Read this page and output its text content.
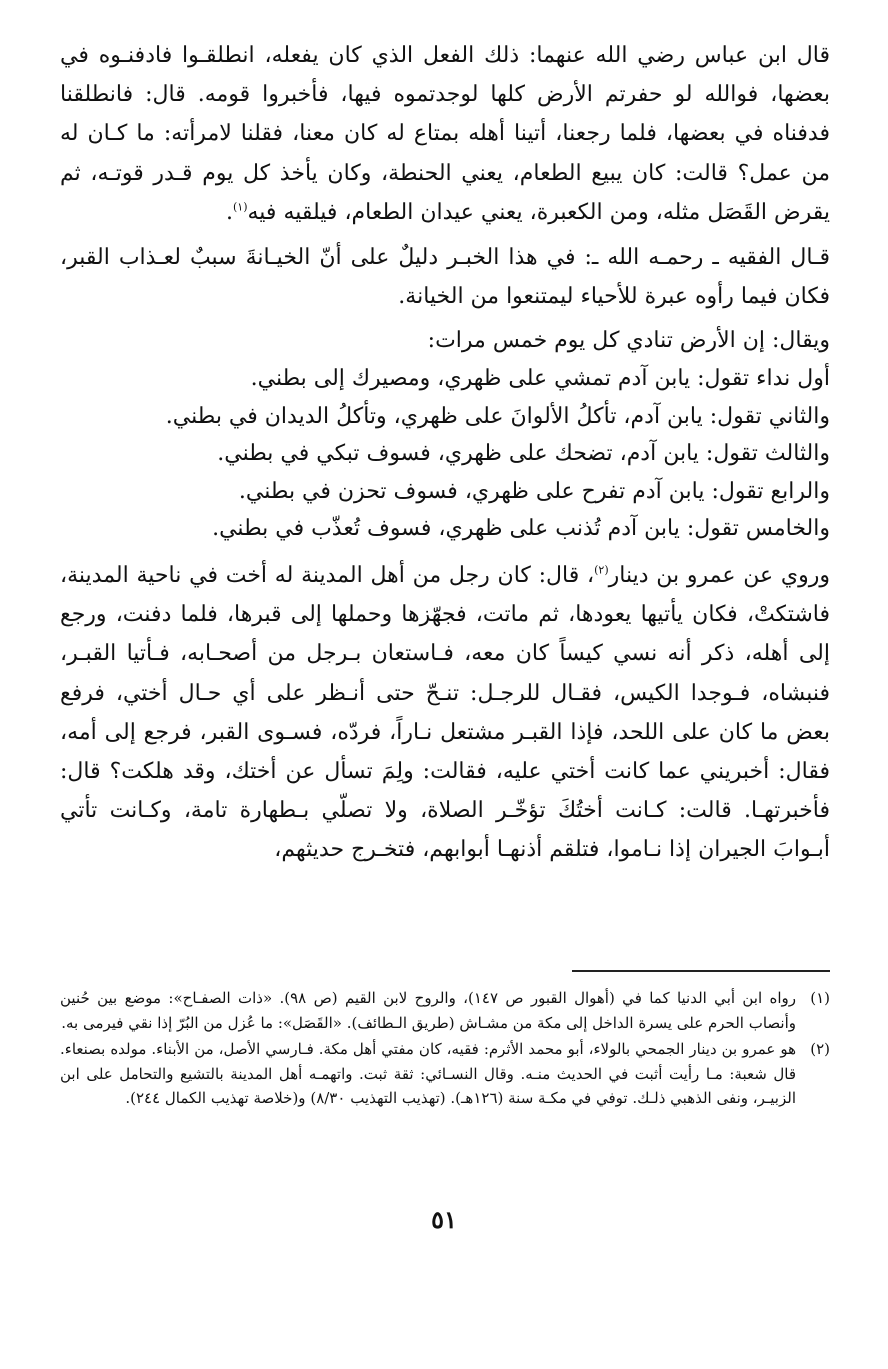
قال ابن عباس رضي الله عنهما: ذلك الفعل الذي كان يفعله، انطلقـوا فادفنـوه في بعضها، فوالله لو حفرتم الأرض كلها لوجدتموه فيها، فأخبروا قومه. قال: فانطلقنا فدفناه في بعضها، فلما رجعنا، أتينا أهله بمتاع له كان معنا، فقلنا لامرأته: ما كـان له من عمل؟ قالت: كان يبيع الطعام، يعني الحنطة، وكان يأخذ كل يوم قـدر قوتـه، ثم يقرض القَصَل مثله، ومن الكعبرة، يعني عيدان الطعام، فيلقيه فيه$^{(١)}$.

قـال الفقيه ـ رحمـه الله ـ: في هذا الخبـر دليلٌ على أنّ الخيـانةَ سببٌ لعـذاب القبر، فكان فيما رأوه عبرة للأحياء ليمتنعوا من الخيانة.

ويقال: إن الأرض تنادي كل يوم خمس مرات:

أول نداء تقول: يابن آدم تمشي على ظهري، ومصيرك إلى بطني.

والثاني تقول: يابن آدم، تأكلُ الألوانَ على ظهري، وتأكلُ الديدان في بطني.

والثالث تقول: يابن آدم، تضحك على ظهري، فسوف تبكي في بطني.

والرابع تقول: يابن آدم تفرح على ظهري، فسوف تحزن في بطني.

والخامس تقول: يابن آدم تُذنب على ظهري، فسوف تُعذّب في بطني.

وروي عن عمرو بن دينار$^{(٢)}$، قال: كان رجل من أهل المدينة له أخت في ناحية المدينة، فاشتكتْ، فكان يأتيها يعودها، ثم ماتت، فجهّزها وحملها إلى قبرها، فلما دفنت، ورجع إلى أهله، ذكر أنه نسي كيساً كان معه، فـاستعان بـرجل من أصحـابه، فـأتيا القبـر، فنبشاه، فـوجدا الكيس، فقـال للرجـل: تنـحّ حتى أنـظر على أي حـال أختي، فرفع بعض ما كان على اللحد، فإذا القبـر مشتعل نـاراً، فردّه، فسـوى القبر، فرجع إلى أمه، فقال: أخبريني عما كانت أختي عليه، فقالت: ولِمَ تسأل عن أختك، وقد هلكت؟ قال: فأخبرتهـا. قالت: كـانت أختُكَ تؤخّـر الصلاة، ولا تصلّي بـطهارة تامة، وكـانت تأتي أبـوابَ الجيران إذا نـاموا، فتلقم أذنهـا أبوابهم، فتخـرج حديثهم،

(١)
رواه ابن أبي الدنيا كما في (أهوال القبور ص ١٤٧)، والروح لابن القيم (ص ٩٨). «ذات الصفـاح»: موضع بين حُنين وأنصاب الحرم على يسرة الداخل إلى مكة من مشـاش (طريق الـطائف). «القَصَل»: ما عُزل من البُرّ إذا نقي فيرمى به.
(٢)
هو عمرو بن دينار الجمحي بالولاء، أبو محمد الأثرم: فقيه، كان مفتي أهل مكة. فـارسي الأصل، من الأبناء. مولده بصنعاء. قال شعبة: مـا رأيت أثبت في الحديث منـه. وقال النسـائي: ثقة ثبت. واتهمـه أهل المدينة بالتشيع والتحامل على ابن الزبيـر، ونفى الذهبي ذلـك. توفي في مكـة سنة (١٢٦هـ). (تهذيب التهذيب ٨/٣٠) و(خلاصة تهذيب الكمال ٢٤٤).
٥١
